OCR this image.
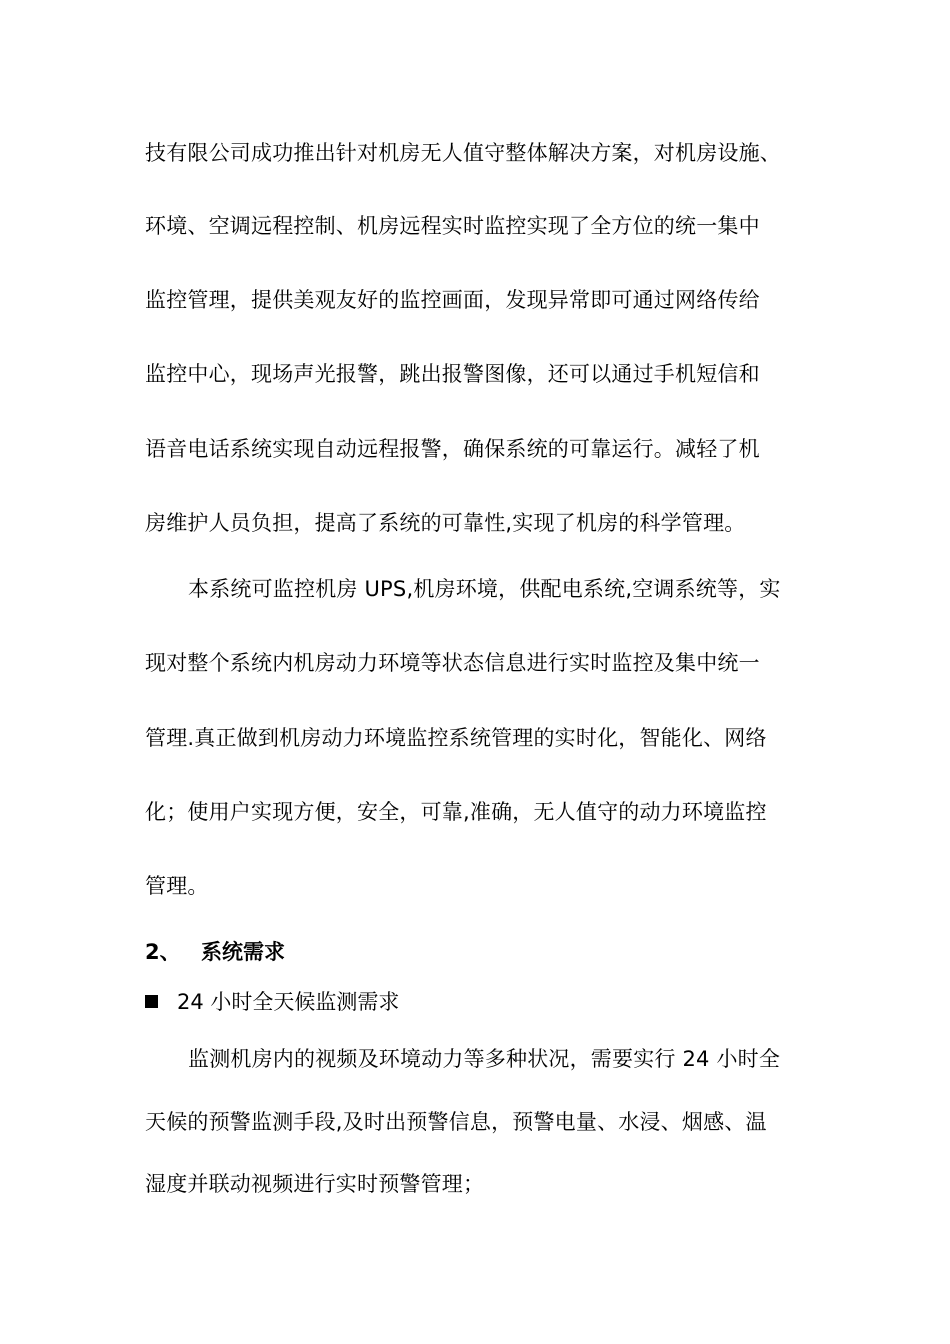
技有限公司成功推出针对机房无人值守整体解决方案，对机房设施、
环境、空调远程控制、机房远程实时监控实现了全方位的统一集中
监控管理，提供美观友好的监控画面，发现异常即可通过网络传给
监控中心，现场声光报警，跳出报警图像，还可以通过手机短信和
语音电话系统实现自动远程报警，确保系统的可靠运行。减轻了机
房维护人员负担，提高了系统的可靠性,实现了机房的科学管理。
本系统可监控机房 UPS,机房环境，供配电系统,空调系统等，实
现对整个系统内机房动力环境等状态信息进行实时监控及集中统一
管理.真正做到机房动力环境监控系统管理的实时化，智能化、网络
化；使用户实现方便，安全，可靠,准确，无人值守的动力环境监控
管理。
2、 系统需求
24 小时全天候监测需求
监测机房内的视频及环境动力等多种状况，需要实行 24 小时全
天候的预警监测手段,及时出预警信息，预警电量、水浸、烟感、温
湿度并联动视频进行实时预警管理；
